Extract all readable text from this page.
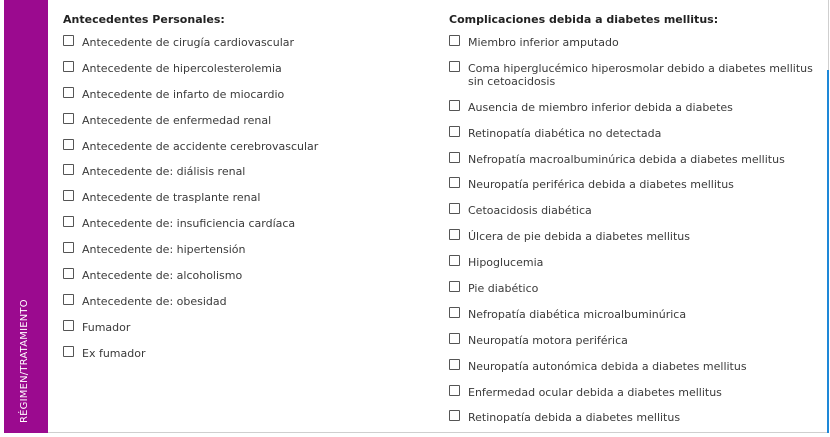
RÉGIMEN/TRATAMIENTO
Antecedentes Personales:
Antecedente de cirugía cardiovascular
Antecedente de hipercolesterolemia
Antecedente de infarto de miocardio
Antecedente de enfermedad renal
Antecedente de accidente cerebrovascular
Antecedente de: diálisis renal
Antecedente de trasplante renal
Antecedente de: insuficiencia cardíaca
Antecedente de: hipertensión
Antecedente de: alcoholismo
Antecedente de: obesidad
Fumador
Ex fumador
Complicaciones debida a diabetes mellitus:
Miembro inferior amputado
Coma hiperglucémico hiperosmolar debido a diabetes mellitus sin cetoacidosis
Ausencia de miembro inferior debida a diabetes
Retinopatía diabética no detectada
Nefropatía macroalbuminúrica debida a diabetes mellitus
Neuropatía periférica debida a diabetes mellitus
Cetoacidosis diabética
Úlcera de pie debida a diabetes mellitus
Hipoglucemia
Pie diabético
Nefropatía diabética microalbuminúrica
Neuropatía motora periférica
Neuropatía autonómica debida a diabetes mellitus
Enfermedad ocular debida a diabetes mellitus
Retinopatía debida a diabetes mellitus
